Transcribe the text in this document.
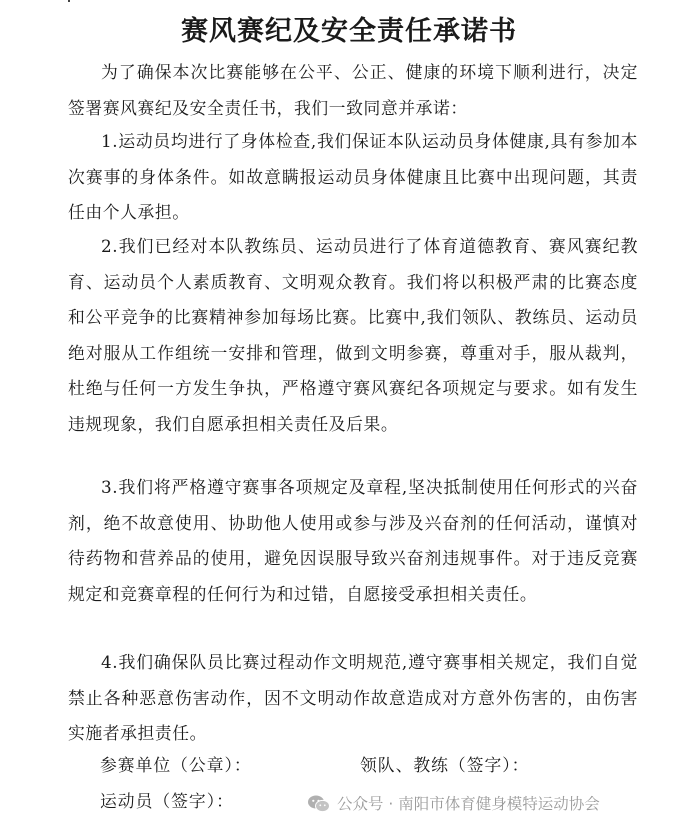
赛风赛纪及安全责任承诺书

为了确保本次比赛能够在公平、公正、健康的环境下顺利进行，决定签署赛风赛纪及安全责任书，我们一致同意并承诺：

1.运动员均进行了身体检查,我们保证本队运动员身体健康,具有参加本次赛事的身体条件。如故意瞒报运动员身体健康且比赛中出现问题，其责任由个人承担。

2.我们已经对本队教练员、运动员进行了体育道德教育、赛风赛纪教育、运动员个人素质教育、文明观众教育。我们将以积极严肃的比赛态度和公平竞争的比赛精神参加每场比赛。比赛中,我们领队、教练员、运动员绝对服从工作组统一安排和管理，做到文明参赛，尊重对手，服从裁判，杜绝与任何一方发生争执，严格遵守赛风赛纪各项规定与要求。如有发生违规现象，我们自愿承担相关责任及后果。

3.我们将严格遵守赛事各项规定及章程,坚决抵制使用任何形式的兴奋剂，绝不故意使用、协助他人使用或参与涉及兴奋剂的任何活动，谨慎对待药物和营养品的使用，避免因误服导致兴奋剂违规事件。对于违反竞赛规定和竞赛章程的任何行为和过错，自愿接受承担相关责任。

4.我们确保队员比赛过程动作文明规范,遵守赛事相关规定，我们自觉禁止各种恶意伤害动作，因不文明动作故意造成对方意外伤害的，由伤害实施者承担责任。

参赛单位（公章）：	领队、教练（签字）：
运动员（签字）：	公众号 · 南阳市体育健身模特运动协会
